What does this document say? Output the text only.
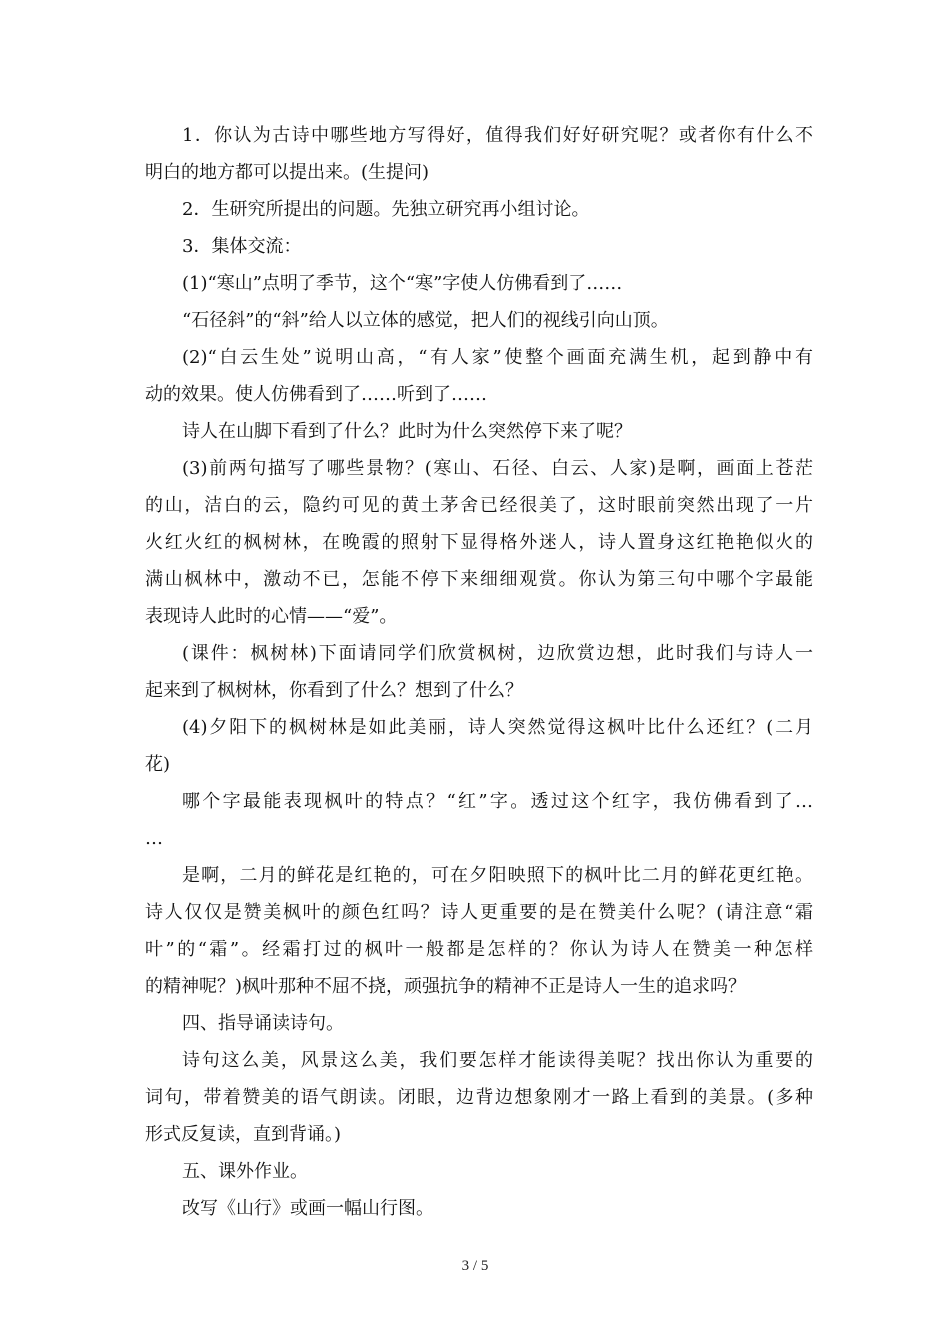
1．你认为古诗中哪些地方写得好，值得我们好好研究呢？或者你有什么不
明白的地方都可以提出来。(生提问)
2．生研究所提出的问题。先独立研究再小组讨论。
3．集体交流：
(1)“寒山”点明了季节，这个“寒”字使人仿佛看到了……
“石径斜”的“斜”给人以立体的感觉，把人们的视线引向山顶。
(2)“白云生处”说明山高，“有人家”使整个画面充满生机，起到静中有
动的效果。使人仿佛看到了……听到了……
诗人在山脚下看到了什么？此时为什么突然停下来了呢？
(3)前两句描写了哪些景物？(寒山、石径、白云、人家)是啊，画面上苍茫
的山，洁白的云，隐约可见的黄土茅舍已经很美了，这时眼前突然出现了一片
火红火红的枫树林，在晚霞的照射下显得格外迷人，诗人置身这红艳艳似火的
满山枫林中，激动不已，怎能不停下来细细观赏。你认为第三句中哪个字最能
表现诗人此时的心情——“爱”。
(课件：枫树林)下面请同学们欣赏枫树，边欣赏边想，此时我们与诗人一
起来到了枫树林，你看到了什么？想到了什么？
(4)夕阳下的枫树林是如此美丽，诗人突然觉得这枫叶比什么还红？(二月
花)
哪个字最能表现枫叶的特点？“红”字。透过这个红字，我仿佛看到了…
…
是啊，二月的鲜花是红艳的，可在夕阳映照下的枫叶比二月的鲜花更红艳。
诗人仅仅是赞美枫叶的颜色红吗？诗人更重要的是在赞美什么呢？(请注意“霜
叶”的“霜”。经霜打过的枫叶一般都是怎样的？你认为诗人在赞美一种怎样
的精神呢？)枫叶那种不屈不挠，顽强抗争的精神不正是诗人一生的追求吗？
四、指导诵读诗句。
诗句这么美，风景这么美，我们要怎样才能读得美呢？找出你认为重要的
词句，带着赞美的语气朗读。闭眼，边背边想象刚才一路上看到的美景。(多种
形式反复读，直到背诵。)
五、课外作业。
改写《山行》或画一幅山行图。
3 / 5
